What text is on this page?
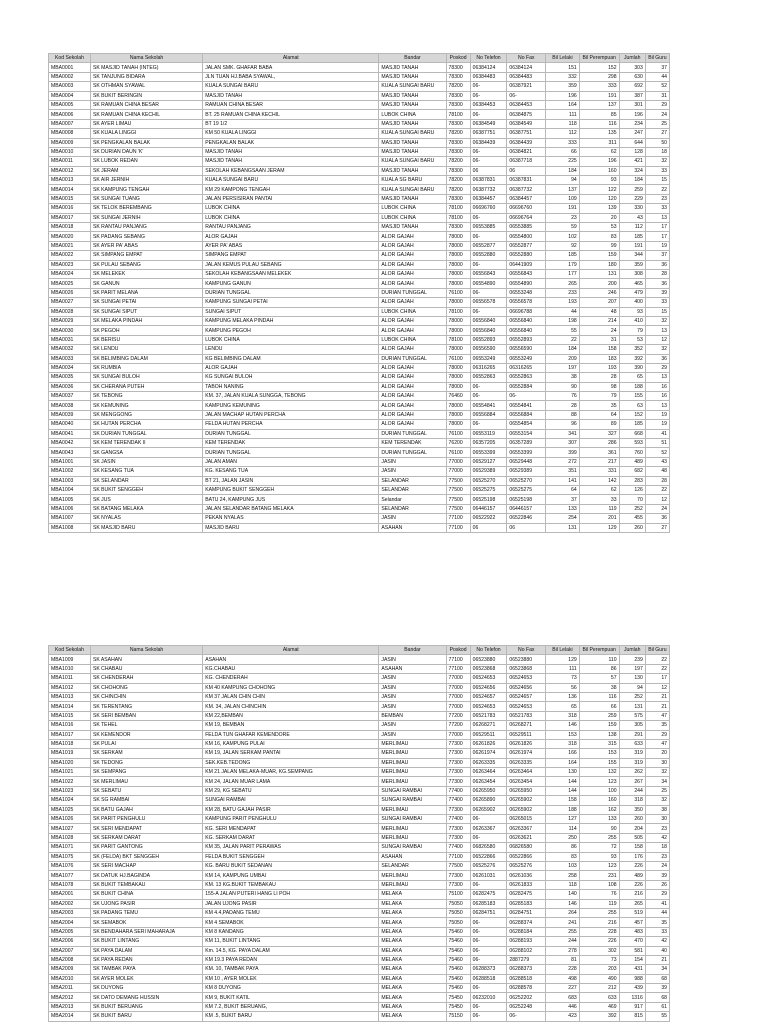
Kod Sekolah	Nama Sekolah	Alamat	Bandar	Poskod	No Telefon	No Fax	Bil Lelaki	Bil Perempuan	Jumlah	Bil Guru
MBA0001	SK MASJID TANAH (INTEG)	JALAN SMK. GHAFAR BABA	MASJID TANAH	78300	06384124	06384124	151	152	303	37
MBA0002	SK TANJUNG BIDARA	JLN TUAN HJ.BABA SYAWAL,	MASJID TANAH	78300	06384483	06384483	332	298	630	44
MBA0003	SK OTHMAN SYAWAL	KUALA SUNGAI BARU	KUALA SUNGAI BARU	78200	06-	06387921	359	333	692	52
MBA0004	SK BUKIT BERINGIN	MASJID TANAH	MASJID TANAH	78300	06-	06-	196	191	387	31
MBA0005	SK RAMUAN CHINA BESAR	RAMUAN CHINA BESAR	MASJID TANAH	78300	06384453	06384453	164	137	301	29
MBA0006	SK RAMUAN CHINA KECHIL	BT. 25 RAMUAN CHINA KECHIL	LUBOK CHINA	78100	06-	06384875	111	85	196	24
MBA0007	SK AYER LIMAU	BT 19 1/2	MASJID TANAH	78300	06384549	06384549	118	116	234	25
MBA0008	SK KUALA LINGGI	KM 50 KUALA LINGGI	KUALA SUNGAI BARU	78200	06387751	06387751	112	135	247	27
MBA0009	SK PENGKALAN BALAK	PENGKALAN BALAK	MASJID TANAH	78300	06384439	06384439	333	311	644	50
MBA0010	SK DURIAN DAUN 'K'	MASJID TANAH	MASJID TANAH	78300	06-	06384821	66	62	128	18
MBA0011	SK LUBOK REDAN	MASJID TANAH	KUALA SUNGAI BARU	78200	06-	06387718	225	196	421	32
MBA0012	SK JERAM	SEKOLAH KEBANGSAAN JERAM	MASJID TANAH	78300	06	06	184	160	324	33
MBA0013	SK AIR JERNIH	KUALA SUNGAI BARU	KUALA SG BARU	78200	06387831	06387831	94	93	184	15
MBA0014	SK KAMPUNG TENGAH	KM 29 KAMPONG TENGAH	KUALA SUNGAI BARU	78200	06387732	06387732	137	122	259	22
MBA0015	SK SUNGAI TUANG	JALAN PERSISIRAN PANTAI	MASJID TANAH	78300	06384457	06384457	109	120	229	23
MBA0016	SK TELOK BEREMBANG	LUBOK CHINA	LUBOK CHINA	78100	06696760	06696760	191	139	330	33
MBA0017	SK SUNGAI JERNIH	LUBOK CHINA	LUBOK CHINA	78100	06-	06696764	23	20	43	13
MBA0018	SK RANTAU PANJANG	RANTAU PANJANG	MASJID TANAH	78300	06553885	06553885	59	53	112	17
MBA0020	SK PADANG SEBANG	ALOR GAJAH	ALOR GAJAH	78000	06-	06554800	102	83	185	17
MBA0021	SK AYER PA' ABAS	AYER PA' ABAS	ALOR GAJAH	78000	06552877	06552877	92	99	191	19
MBA0022	SK SIMPANG EMPAT	SIMPANG EMPAT	ALOR GAJAH	78000	06552880	06552880	185	159	344	37
MBA0023	SK PULAU SEBANG	JALAN KEMUS PULAU SEBANG	ALOR GAJAH	78000	06-	06441909	179	180	359	36
MBA0024	SK MELEKEK	SEKOLAH KEBANGSAAN MELEKEK	ALOR GAJAH	78000	06556843	06556843	177	131	308	28
MBA0025	SK GANUN	KAMPUNG GANUN	ALOR GAJAH	78000	06554890	06554890	265	200	465	36
MBA0026	SK PARIT MELANA	DURIAN TUNGGAL	DURIAN TUNGGAL	76100	06-	06553248	233	246	479	39
MBA0027	SK SUNGAI PETAI	KAMPUNG SUNGAI PETAI	ALOR GAJAH	78000	06556578	06556578	193	207	400	33
MBA0028	SK SUNGAI SIPUT	SUNGAI SIPUT	LUBOK CHINA	78100	06-	06696788	44	48	93	15
MBA0029	SK MELAKA PINDAH	KAMPUNG MELAKA PINDAH	ALOR GAJAH	78000	06556840	06556840	198	214	410	32
MBA0030	SK PEGOH	KAMPUNG PEGOH	ALOR GAJAH	78000	06556840	06556840	55	24	79	13
MBA0031	SK BERISU	LUBOK CHINA	LUBOK CHINA	78100	06552893	06552893	22	31	53	12
MBA0032	SK LENDU	LENDU	ALOR GAJAH	78000	06556590	06556590	184	158	352	32
MBA0033	SK BELIMBING DALAM	KG BELIMBING DALAM	DURIAN TUNGGAL	76100	06553249	06553249	209	183	392	36
MBA0034	SK RUMBIA	ALOR GAJAH	ALOR GAJAH	78000	06316265	06316265	197	193	390	29
MBA0035	SK SUNGAI BULOH	KG SUNGAI BULOH	ALOR GAJAH	78000	06552863	06552863	38	28	65	13
MBA0036	SK CHERANA PUTEH	TABOH NANING	ALOR GAJAH	78000	06-	06552884	90	98	188	16
MBA0037	SK TEBONG	KM. 37, JALAN KUALA SUNGGA, TEBONG	ALOR GAJAH	76460	06-	06-	76	79	155	16
MBA0038	SK KEMUNING	KAMPUNG KEMUNING	ALOR GAJAH	78000	06554841	06554841	28	35	63	13
MBA0039	SK MENGGONG	JALAN MACHAP HUTAN PERCHA	ALOR GAJAH	78000	06556884	06556884	88	64	152	19
MBA0040	SK HUTAN PERCHA	FELDA HUTAN PERCHA	ALOR GAJAH	78000	06-	06554854	96	89	185	19
MBA0041	SK DURIAN TUNGGAL	DURIAN TUNGGAL	DURIAN TUNGGAL	76100	06553119	06553154	341	327	668	41
MBA0042	SK KEM TERENDAK II	KEM TERENDAK	KEM TERENDAK	76200	06357205	06357289	307	286	593	51
MBA0043	SK GANGSA	DURIAN TUNGGAL	DURIAN TUNGGAL	76100	06553399	06553399	399	361	760	52
MBA1001	SK JASIN	JALAN AMAN	JASIN	77000	06529127	06529448	272	217	489	43
MBA1002	SK KESANG TUA	KG. KESANG TUA	JASIN	77000	06529389	06529389	351	331	682	48
MBA1003	SK SELANDAR	BT 21, JALAN JASIN	SELANDAR	77500	06525270	06525270	141	142	283	28
MBA1004	SK BUKIT SENGGEH	KAMPUNG BUKIT SENGGEH	SELANDAR	77500	06525275	06525275	64	62	126	22
MBA1005	SK JUS	BATU 24, KAMPUNG JUS	Selandar	77500	06525198	06525198	37	33	70	12
MBA1006	SK BATANG MELAKA	JALAN SELANDAR BATANG MELAKA	SELANDAR	77500	06446157	06446157	133	119	252	24
MBA1007	SK NYALAS	PEKAN NYALAS	JASIN	77100	06522922	06522846	254	201	455	36
MBA1008	SK MASJID BARU	MASJID BARU	ASAHAN	77100	06	06	131	129	260	27
Kod Sekolah	Nama Sekolah	Alamat	Bandar	Poskod	No Telefon	No Fax	Bil Lelaki	Bil Perempuan	Jumlah	Bil Guru
MBA1009	SK ASAHAN	ASAHAN	JASIN	77100	06523880	06523880	129	110	239	22
MBA1010	SK CHABAU	KG.CHABAU	ASAHAN	77100	06523868	06523868	111	86	197	22
MBA1011	SK CHENDERAH	KG. CHENDERAH	JASIN	77000	06524653	06524653	73	57	130	17
MBA1012	SK CHOHONG	KM 40 KAMPUNG CHOHONG	JASIN	77000	06524656	06524656	56	38	94	12
MBA1013	SK CHINCHIN	KM 37 JALAN CHIN CHIN	JASIN	77000	06524657	06524657	136	116	252	21
MBA1014	SK TERENTANG	KM. 34, JALAN CHINCHIN	JASIN	77000	06524653	06524653	65	66	131	21
MBA1015	SK SERI BEMBAN	KM 22,BEMBAN	BEMBAN	77200	06521783	06521783	318	259	575	47
MBA1016	SK TEHEL	KM 19, BEMBAN	JASIN	77200	06268271	06268271	146	159	305	35
MBA1017	SK KEMENDOR	FELDA TUN GHAFAR KEMENDORE	JASIN	77000	06529511	06529511	153	138	291	29
MBA1018	SK PULAI	KM 16, KAMPUNG PULAI	MERLIMAU	77300	06261826	06261826	318	315	633	47
MBA1019	SK SERKAM	KM 19, JALAN SERKAM PANTAI	MERLIMAU	77300	06261974	06261974	166	153	319	20
MBA1020	SK TEDONG	SEK.KEB.TEDONG	MERLIMAU	77300	06263335	06263335	164	155	319	30
MBA1021	SK SEMPANG	KM 21 JALAN MELAKA-MUAR, KG.SEMPANG	MERLIMAU	77300	06263464	06263464	130	132	262	32
MBA1022	SK MERLIMAU	KM 24, JALAN MUAR LAMA	MERLIMAU	77300	06263454	06263454	144	123	267	34
MBA1023	SK SEBATU	KM 29, KG SEBATU	SUNGAI RAMBAI	77400	06265950	06265950	144	100	244	25
MBA1024	SK SG RAMBAI	SUNGAI RAMBAI	SUNGAI RAMBAI	77400	06265890	06265902	158	160	318	32
MBA1025	SK BATU GAJAH	KM 28, BATU GAJAH PASIR	MERLIMAU	77300	06265902	06265902	188	162	350	38
MBA1026	SK PARIT PENGHULU	KAMPUNG PARIT PENGHULU	SUNGAI RAMBAI	77400	06-	06265015	127	133	260	30
MBA1027	SK SERI MENDAPAT	KG. SERI MENDAPAT	MERLIMAU	77300	06263367	06263367	114	90	204	23
MBA1028	SK SERKAM DARAT	KG. SERKAM DARAT	MERLIMAU	77300	06-	06263621	250	255	505	42
MBA1071	SK PARIT GANTONG	KM 35, JALAN PARIT PERAWAS	SUNGAI RAMBAI	77400	06826580	06826580	86	72	158	18
MBA1075	SK (FELDA) BKT SENGGEH	FELDA BUKIT SENGGEH	ASAHAN	77100	06522866	06522866	83	93	176	23
MBA1076	SK SERI MACHAP	KG. BARU BUKIT SEDANAN	SELANDAR	77500	06525276	06525276	103	123	226	24
MBA1077	SK DATUK HJ.BAGINDA	KM 14, KAMPUNG UMBAI	MERLIMAU	77300	06261031	06261036	258	231	489	39
MBA1078	SK BUKIT TEMBAKAU	KM. 13 KG.BUKIT TEMBAKAU	MERLIMAU	77300	06-	06261833	118	108	226	26
MBA2001	SK BUKIT CHINA	155-A JALAN PUTERI HANG LI POH	MELAKA	75100	06282475	06282475	140	76	216	29
MBA2002	SK UJONG PASIR	JALAN UJONG PASIR	MELAKA	75050	06285183	06285183	146	119	265	41
MBA2003	SK PADANG TEMU	KM 4.4,PADANG TEMU	MELAKA	75050	06284751	06284751	264	255	519	44
MBA2004	SK SEMABOK	KM 4 SEMABOK	MELAKA	75050	06-	06288374	241	216	457	35
MBA2005	SK BENDAHARA SERI MAHARAJA	KM 8 KANDANG	MELAKA	75460	06-	06288184	255	228	483	33
MBA2006	SK BUKIT LINTANG	KM 11, BUKIT LINTANG	MELAKA	75460	06-	06288193	244	226	470	42
MBA2007	SK PAYA DALAM	Km. 14.5, KG. PAYA DALAM	MELAKA	75460	06-	06288102	278	302	581	40
MBA2008	SK PAYA REDAN	KM 19.3 PAYA REDAN	MELAKA	75460	06-	2887279	81	73	154	21
MBA2009	SK TAMBAK PAYA	KM. 10, TAMBAK PAYA	MELAKA	75460	06288373	06288373	228	203	431	34
MBA2010	SK AYER MOLEK	KM 10 , AYER MOLEK	MELAKA	75460	06288518	06288518	498	490	988	68
MBA2011	SK DUYONG	KM 8 DUYONG	MELAKA	75460	06-	06288578	227	212	439	39
MBA2012	SK DATO DEMANG HUSSIN	KM 9, BUKIT KATIL	MELAKA	75450	06232010	06252202	683	633	1316	68
MBA2013	SK BUKIT BERUANG	KM 7.2, BUKIT BERUANG,	MELAKA	75450	06-	06252248	446	469	917	61
MBA2014	SK BUKIT BARU	KM .5, BUKIT BARU	MELAKA	75150	06-	06-	423	392	815	55
